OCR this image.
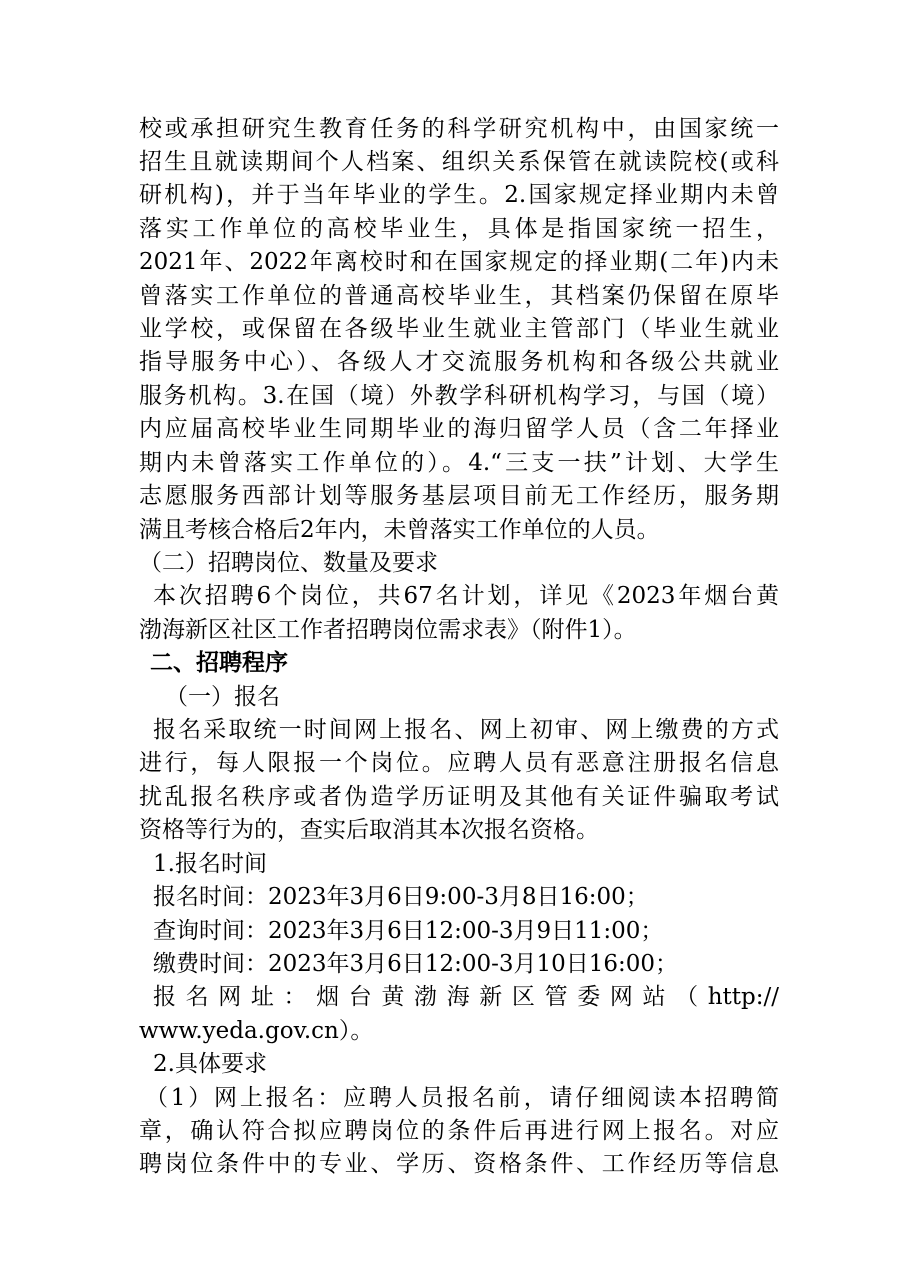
校或承担研究生教育任务的科学研究机构中，由国家统一
招生且就读期间个人档案、组织关系保管在就读院校(或科
研机构)，并于当年毕业的学生。2.国家规定择业期内未曾
落实工作单位的高校毕业生，具体是指国家统一招生，
2021年、2022年离校时和在国家规定的择业期(二年)内未
曾落实工作单位的普通高校毕业生，其档案仍保留在原毕
业学校，或保留在各级毕业生就业主管部门（毕业生就业
指导服务中心）、各级人才交流服务机构和各级公共就业
服务机构。3.在国（境）外教学科研机构学习，与国（境）
内应届高校毕业生同期毕业的海归留学人员（含二年择业
期内未曾落实工作单位的）。4.“三支一扶”计划、大学生
志愿服务西部计划等服务基层项目前无工作经历，服务期
满且考核合格后2年内，未曾落实工作单位的人员。
（二）招聘岗位、数量及要求
本次招聘6个岗位，共67名计划，详见《2023年烟台黄
渤海新区社区工作者招聘岗位需求表》（附件1）。
二、招聘程序
（一）报名
报名采取统一时间网上报名、网上初审、网上缴费的方式
进行，每人限报一个岗位。应聘人员有恶意注册报名信息
扰乱报名秩序或者伪造学历证明及其他有关证件骗取考试
资格等行为的，查实后取消其本次报名资格。
1.报名时间
报名时间：2023年3月6日9:00-3月8日16:00；
查询时间：2023年3月6日12:00-3月9日11:00；
缴费时间：2023年3月6日12:00-3月10日16:00；
报名网址：烟台黄渤海新区管委网站（http://
www.yeda.gov.cn）。
2.具体要求
（1）网上报名：应聘人员报名前，请仔细阅读本招聘简
章，确认符合拟应聘岗位的条件后再进行网上报名。对应
聘岗位条件中的专业、学历、资格条件、工作经历等信息
